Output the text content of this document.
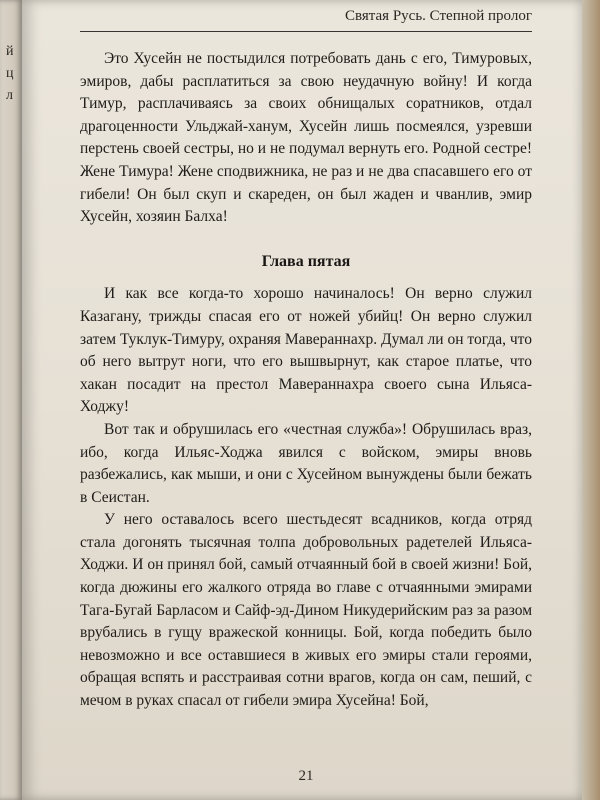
й
ц
л
Святая Русь. Степной пролог

Это Хусейн не постыдился потребовать дань с его, Тимуровых, эмиров, дабы расплатиться за свою неудачную войну! И когда Тимур, расплачиваясь за своих обнищалых соратников, отдал драгоценности Ульджай-ханум, Хусейн лишь посмеялся, узревши перстень своей сестры, но и не подумал вернуть его. Родной сестре! Жене Тимура! Жене сподвижника, не раз и не два спасавшего его от гибели! Он был скуп и скареден, он был жаден и чванлив, эмир Хусейн, хозяин Балха!

Глава пятая

И как все когда-то хорошо начиналось! Он верно служил Казагану, трижды спасая его от ножей убийц! Он верно служил затем Туклук-Тимуру, охраняя Мавераннахр. Думал ли он тогда, что об него вытрут ноги, что его вышвырнут, как старое платье, что хакан посадит на престол Мавераннахра своего сына Ильяса-Ходжу!

Вот так и обрушилась его «честная служба»! Обрушилась враз, ибо, когда Ильяс-Ходжа явился с войском, эмиры вновь разбежались, как мыши, и они с Хусейном вынуждены были бежать в Сеистан.

У него оставалось всего шестьдесят всадников, когда отряд стала догонять тысячная толпа добровольных радетелей Ильяса-Ходжи. И он принял бой, самый отчаянный бой в своей жизни! Бой, когда дюжины его жалкого отряда во главе с отчаянными эмирами Тага-Бугай Барласом и Сайф-эд-Дином Никудерийским раз за разом врубались в гущу вражеской конницы. Бой, когда победить было невозможно и все оставшиеся в живых его эмиры стали героями, обращая вспять и расстраивая сотни врагов, когда он сам, пеший, с мечом в руках спасал от гибели эмира Хусейна! Бой,

21
